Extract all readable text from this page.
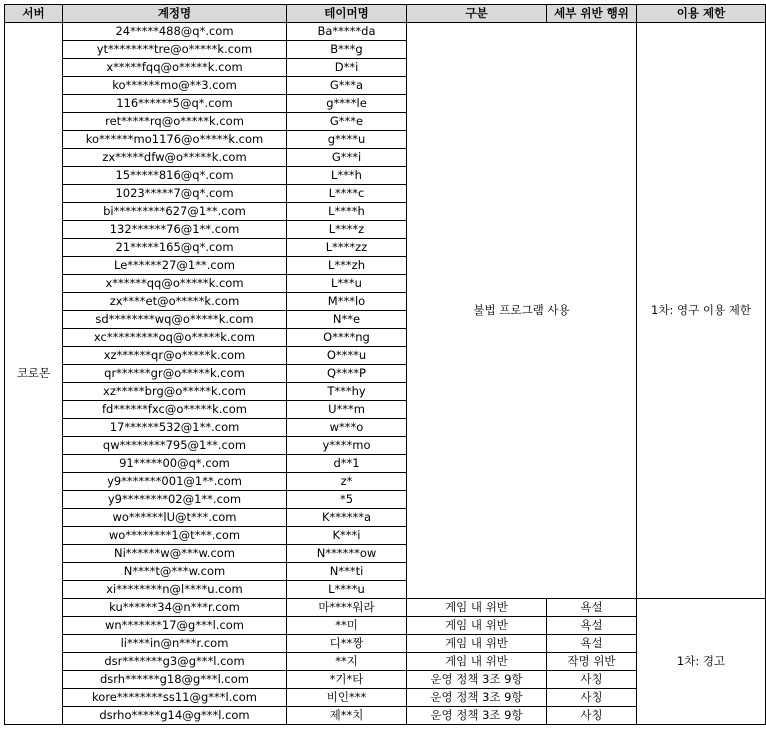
서버	계정명	테이머명	구분	세부 위반 행위	이용 제한
코로몬	24*****488@q*.com	Ba*****da	불법 프로그램 사용		1차: 영구 이용 제한
	yt********tre@o*****k.com	B***g			
	x*****fqq@o*****k.com	D**i			
	ko******mo@**3.com	G***a			
	116******5@q*.com	g****le			
	ret*****rq@o*****k.com	G***e			
	ko******mo1176@o*****k.com	g****u			
	zx*****dfw@o*****k.com	G***i			
	15*****816@q*.com	L***h			
	1023*****7@q*.com	L****c			
	bi*********627@1**.com	L****h			
	132******76@1**.com	L****z			
	21*****165@q*.com	L****zz			
	Le******27@1**.com	L***zh			
	x******qq@o*****k.com	L***u			
	zx****et@o*****k.com	M***lo			
	sd********wq@o*****k.com	N**e			
	xc*********oq@o*****k.com	O****ng			
	xz******qr@o*****k.com	O****u			
	qr******gr@o*****k.com	Q****P			
	xz*****brg@o*****k.com	T***hy			
	fd******fxc@o*****k.com	U***m			
	17******532@1**.com	w***o			
	qw********795@1**.com	y****mo			
	91*****00@q*.com	d**1			
	y9*******001@1**.com	z*			
	y9********02@1**.com	*5			
	wo******lU@t***.com	K******a			
	wo********1@t***.com	K***i			
	Ni******w@***w.com	N******ow			
	N****t@***w.com	N***ti			
	xi********n@l****u.com	L****u			
	ku******34@n***r.com	마****워라	게임 내 위반	욕설	1차: 경고
	wn*******17@g***l.com	**미	게임 내 위반	욕설	
	li****in@n***r.com	디**짱	게임 내 위반	욕설	
	dsr*******g3@g***l.com	**지	게임 내 위반	작명 위반	
	dsrh******g18@g***l.com	*기*타	운영 정책 3조 9항	사칭	
	kore********ss11@g***l.com	비인***	운영 정책 3조 9항	사칭	
	dsrho*****g14@g***l.com	제**치	운영 정책 3조 9항	사칭	
